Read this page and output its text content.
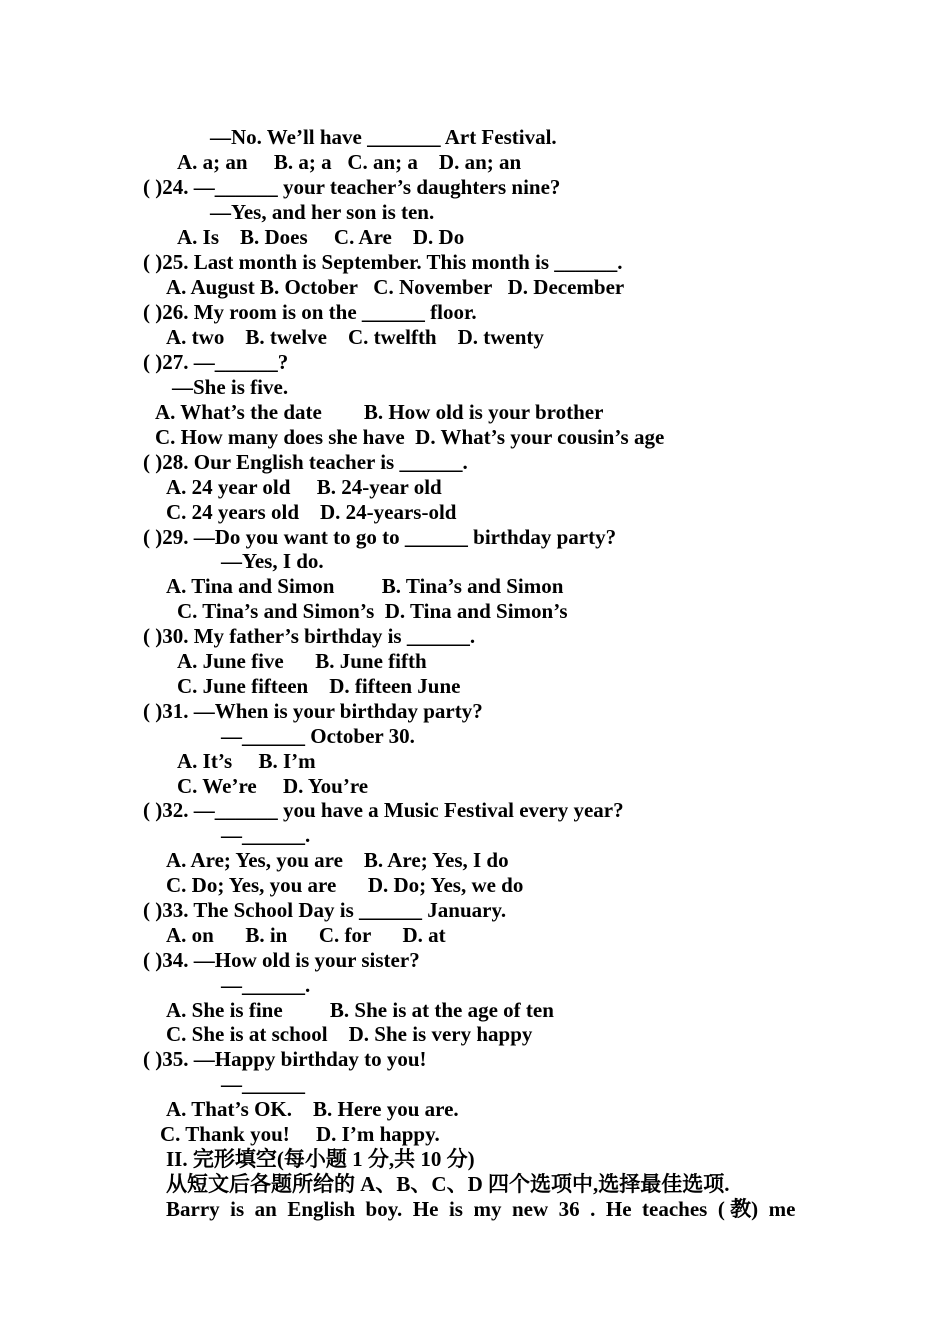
—No. We’ll have _______ Art Festival.
A. a; an     B. a; a   C. an; a    D. an; an
( )24. —______ your teacher’s daughters nine?
—Yes, and her son is ten.
A. Is    B. Does     C. Are    D. Do
( )25. Last month is September. This month is ______.
A. August B. October   C. November   D. December
( )26. My room is on the ______ floor.
A. two    B. twelve    C. twelfth    D. twenty
( )27. —______?
—She is five.
A. What’s the date        B. How old is your brother
C. How many does she have  D. What’s your cousin’s age
( )28. Our English teacher is ______.
A. 24 year old     B. 24-year old
C. 24 years old    D. 24-years-old
( )29. —Do you want to go to ______ birthday party?
—Yes, I do.
A. Tina and Simon         B. Tina’s and Simon
C. Tina’s and Simon’s  D. Tina and Simon’s
( )30. My father’s birthday is ______.
A. June five      B. June fifth
C. June fifteen    D. fifteen June
( )31. —When is your birthday party?
—______ October 30.
A. It’s     B. I’m
C. We’re     D. You’re
( )32. —______ you have a Music Festival every year?
—______.
A. Are; Yes, you are    B. Are; Yes, I do
C. Do; Yes, you are      D. Do; Yes, we do
( )33. The School Day is ______ January.
A. on      B. in      C. for      D. at
( )34. —How old is your sister?
—______.
A. She is fine         B. She is at the age of ten
C. She is at school    D. She is very happy
( )35. —Happy birthday to you!
—______
A. That’s OK.    B. Here you are.
C. Thank you!     D. I’m happy.
II. 完形填空(每小题 1 分,共 10 分)
从短文后各题所给的 A、B、C、D 四个选项中,选择最佳选项.
Barry  is  an  English  boy.  He  is  my  new  36  .  He  teaches  ( 教)  me
